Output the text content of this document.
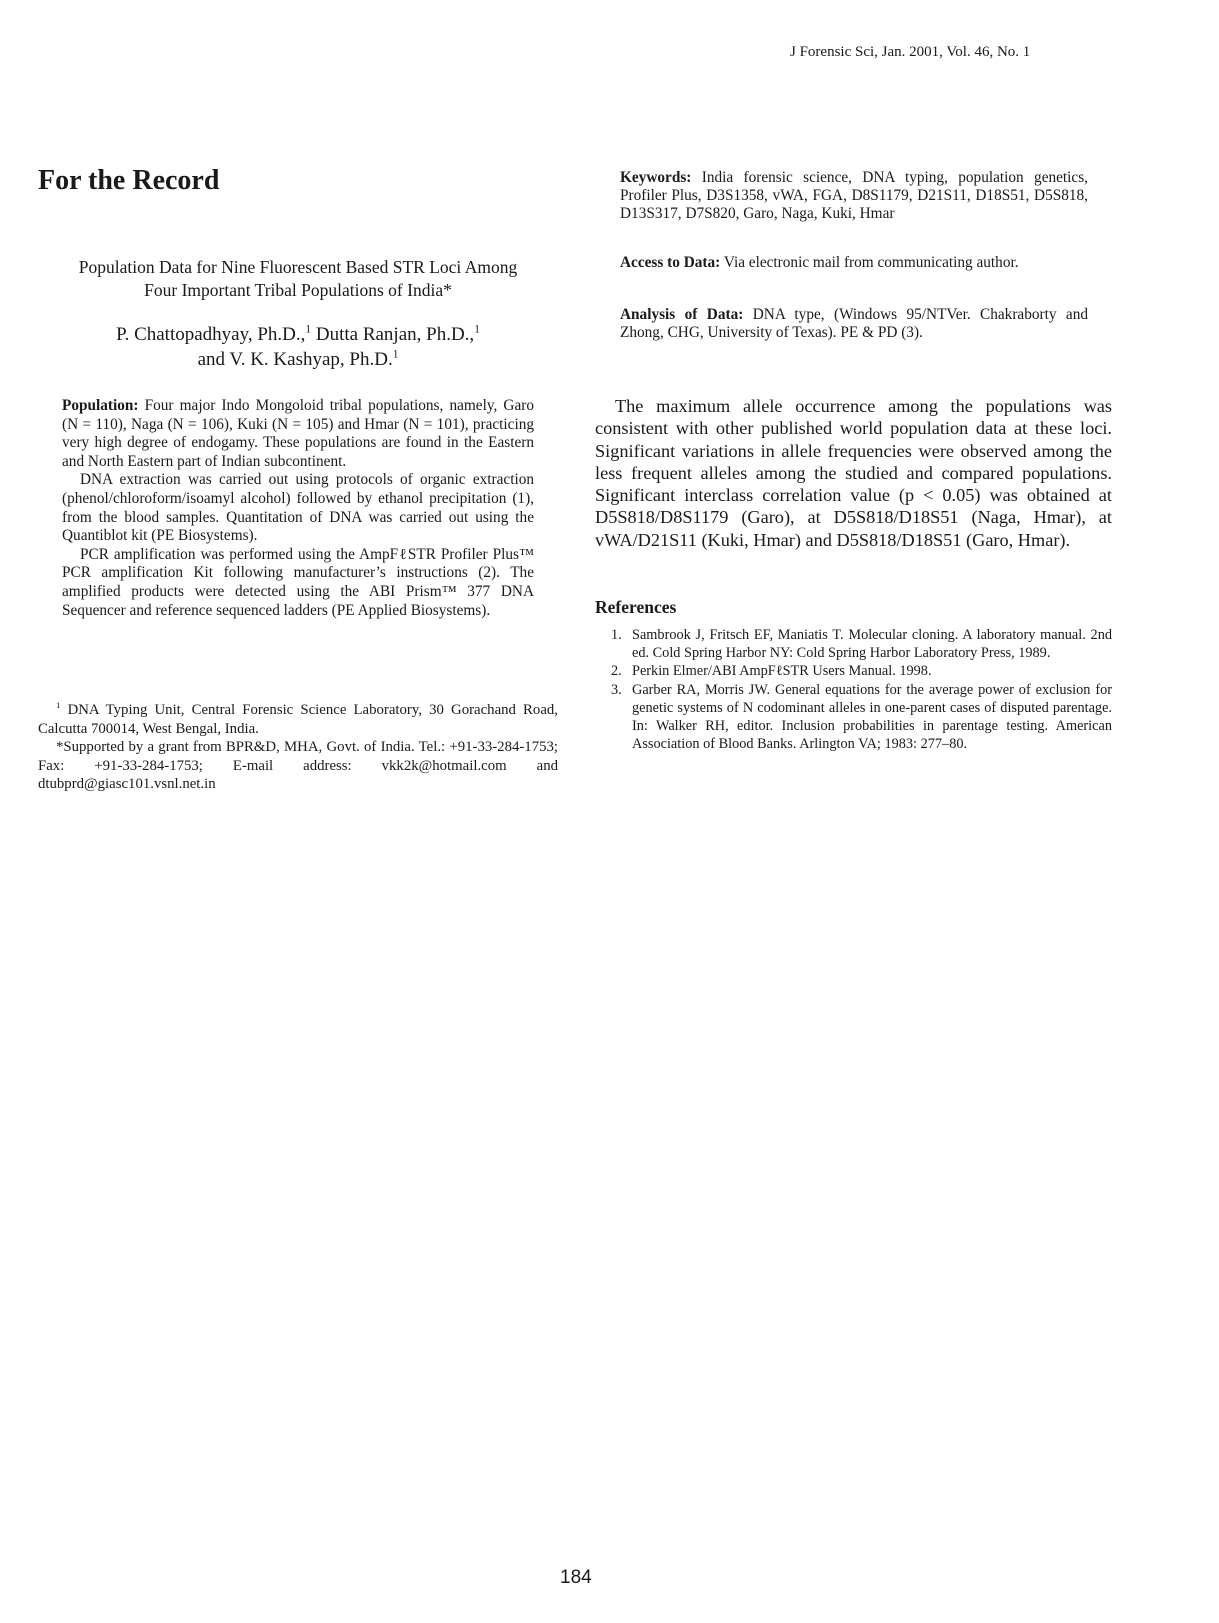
J Forensic Sci, Jan. 2001, Vol. 46, No. 1
For the Record
Population Data for Nine Fluorescent Based STR Loci Among
Four Important Tribal Populations of India*
P. Chattopadhyay, Ph.D.,$^1$ Dutta Ranjan, Ph.D.,$^1$
and V. K. Kashyap, Ph.D.$^1$

Population: Four major Indo Mongoloid tribal populations, namely, Garo (N = 110), Naga (N = 106), Kuki (N = 105) and Hmar (N = 101), practicing very high degree of endogamy. These populations are found in the Eastern and North Eastern part of Indian subcontinent.

DNA extraction was carried out using protocols of organic extraction (phenol/chloroform/isoamyl alcohol) followed by ethanol precipitation (1), from the blood samples. Quantitation of DNA was carried out using the Quantiblot kit (PE Biosystems).

PCR amplification was performed using the AmpFℓSTR Profiler Plus™ PCR amplification Kit following manufacturer’s instructions (2). The amplified products were detected using the ABI Prism™ 377 DNA Sequencer and reference sequenced ladders (PE Applied Biosystems).

$^1$ DNA Typing Unit, Central Forensic Science Laboratory, 30 Gorachand Road, Calcutta 700014, West Bengal, India.

*Supported by a grant from BPR&D, MHA, Govt. of India. Tel.: +91-33-284-1753; Fax: +91-33-284-1753; E-mail address: vkk2k@hotmail.com and dtubprd@giasc101.vsnl.net.in

Keywords: India forensic science, DNA typing, population genetics, Profiler Plus, D3S1358, vWA, FGA, D8S1179, D21S11, D18S51, D5S818, D13S317, D7S820, Garo, Naga, Kuki, Hmar

Access to Data: Via electronic mail from communicating author.

Analysis of Data: DNA type, (Windows 95/NTVer. Chakraborty and Zhong, CHG, University of Texas). PE & PD (3).

The maximum allele occurrence among the populations was consistent with other published world population data at these loci. Significant variations in allele frequencies were observed among the less frequent alleles among the studied and compared populations. Significant interclass correlation value (p < 0.05) was obtained at D5S818/D8S1179 (Garo), at D5S818/D18S51 (Naga, Hmar), at vWA/D21S11 (Kuki, Hmar) and D5S818/D18S51 (Garo, Hmar).

References
1. Sambrook J, Fritsch EF, Maniatis T. Molecular cloning. A laboratory manual. 2nd ed. Cold Spring Harbor NY: Cold Spring Harbor Laboratory Press, 1989.
2. Perkin Elmer/ABI AmpFℓSTR Users Manual. 1998.
3. Garber RA, Morris JW. General equations for the average power of exclusion for genetic systems of N codominant alleles in one-parent cases of disputed parentage. In: Walker RH, editor. Inclusion probabilities in parentage testing. American Association of Blood Banks. Arlington VA; 1983: 277–80.
184
